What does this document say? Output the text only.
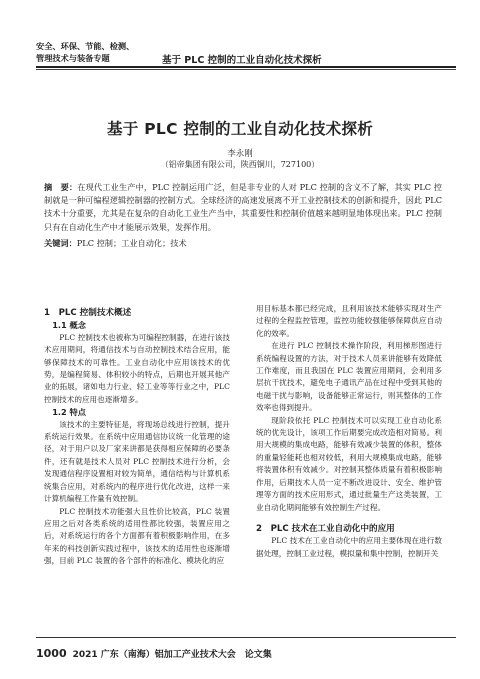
安全、环保、节能、检测、
管理技术与装备专题	基于 PLC 控制的工业自动化技术探析
基于 PLC 控制的工业自动化技术探析
李永刚
（铝帝集团有限公司，陕西铜川，727100）
摘　要：在现代工业生产中，PLC 控制运用广泛，但是非专业的人对 PLC 控制的含义不了解，其实 PLC 控制就是一种可编程逻辑控制器的控制方式。全球经济的高速发展离不开工业控制技术的创新和提升，因此 PLC 技术十分重要，尤其是在复杂的自动化工业生产当中，其重要性和控制价值越来越明显地体现出来。PLC 控制只有在自动化生产中才能展示效果，发挥作用。
关键词：PLC 控制；工业自动化；技术

1　PLC 控制技术概述

1.1 概念

PLC 控制技术也被称为可编程控制器，在进行该技术应用期间，将通信技术与自动控制技术结合应用，能够保障技术的可靠性。工业自动化中应用该技术的优势，是编程简易、体积较小的特点，后期也开展其他产业的拓展，诸如电力行业、轻工业等等行业之中，PLC 控制技术的应用也逐渐增多。

1.2 特点

该技术的主要特征是，将现场总线进行控制，提升系统运行效果。在系统中应用通信协议统一化管理的途径，对于用户以及厂家来讲都是获得相应保障的必要条件，还有就是技术人员对 PLC 控制技术进行分析，会发现通信程序设置相对较为简单，通信结构与计算机系统集合应用，对系统内的程序进行优化改进，这样一来计算机编程工作量有效控制。

PLC 控制技术功能强大且性价比较高，PLC 装置应用之后对各类系统的适用性都比较强，装置应用之后，对系统运行的各个方面都有着积极影响作用，在多年来的科技创新实践过程中，该技术的适用性也逐渐增强，目前 PLC 装置的各个部件的标准化、模块化的应

用目标基本都已经完成，且利用该技术能够实现对生产过程的全程监控管理，监控功能较强能够保障供应自动化的效率。

在进行 PLC 控制技术操作阶段，利用梯形图进行系统编程设置的方法，对于技术人员来讲能够有效降低工作难度，而且我国在 PLC 装置应用期间，会利用多层抗干扰技术，避免电子通讯产品在过程中受到其他的电磁干扰与影响，设备能够正常运行，则其整体的工作效率也得到提升。

现阶段依托 PLC 控制技术可以实现工业自动化系统的优先设计，该项工作后期要完成改造相对简易。利用大规模的集成电路，能够有效减少装置的体积，整体的重量轻能耗也相对较低，利用大规模集成电路，能够将装置体积有效减少。对控制其整体质量有着积极影响作用，后期技术人员一定不断改进设计、安全、维护管理等方面的技术应用形式，通过批量生产这类装置，工业自动化期间能够有效控制生产过程。

2　PLC 技术在工业自动化中的应用

PLC 技术在工业自动化中的应用主要体现在进行数据处理，控制工业过程，模拟量和集中控制，控制开关

1000 2021 广东（南海）铝加工产业技术大会　论文集
